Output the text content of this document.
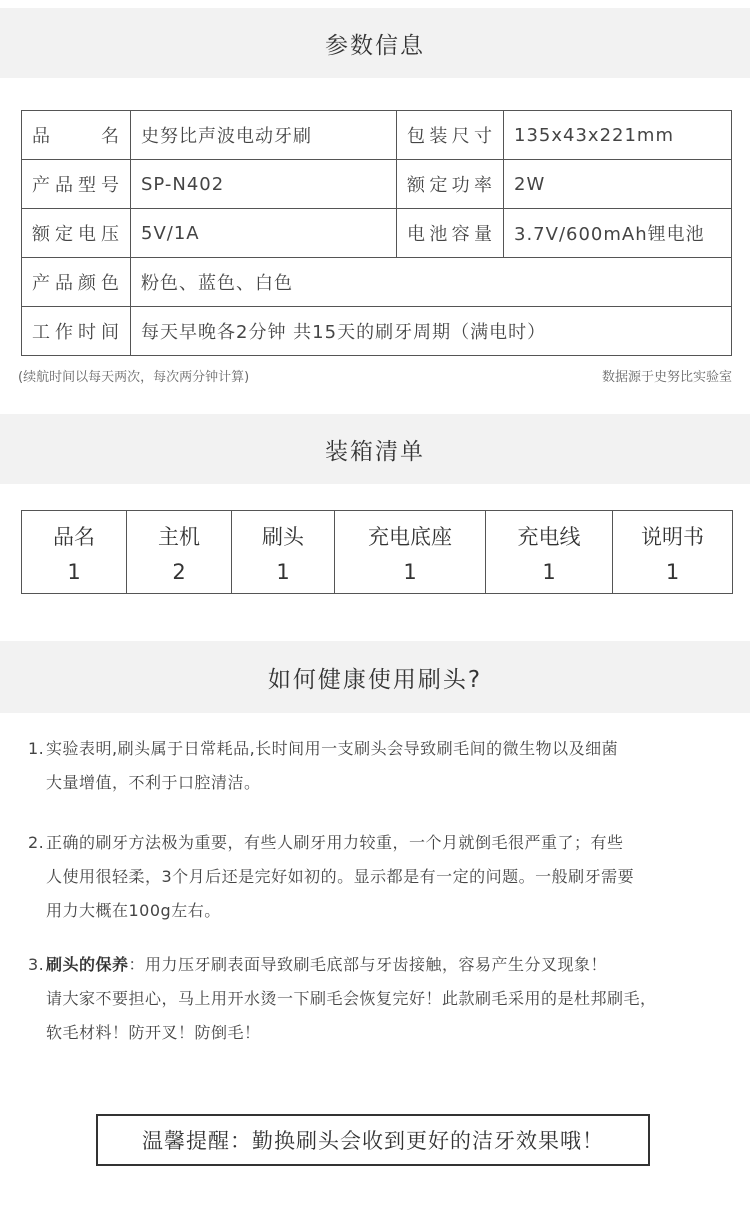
参数信息
品名	史努比声波电动牙刷	包装尺寸	135x43x221mm
产品型号	SP-N402	额定功率	2W
额定电压	5V/1A	电池容量	3.7V/600mAh锂电池
产品颜色	粉色、蓝色、白色		
工作时间	每天早晚各2分钟 共15天的刷牙周期（满电时）		
(续航时间以每天两次，每次两分钟计算)	数据源于史努比实验室
装箱清单
品名	主机	刷头	充电底座	充电线	说明书
1	2	1	1	1	1
如何健康使用刷头?
1. 实验表明,刷头属于日常耗品,长时间用一支刷头会导致刷毛间的微生物以及细菌
大量增值，不利于口腔清洁。
2. 正确的刷牙方法极为重要，有些人刷牙用力较重，一个月就倒毛很严重了；有些
人使用很轻柔，3个月后还是完好如初的。显示都是有一定的问题。一般刷牙需要
用力大概在100g左右。
3. 刷头的保养：用力压牙刷表面导致刷毛底部与牙齿接触，容易产生分叉现象！
请大家不要担心，马上用开水烫一下刷毛会恢复完好！此款刷毛采用的是杜邦刷毛，
软毛材料！防开叉！防倒毛！
温馨提醒：勤换刷头会收到更好的洁牙效果哦！
